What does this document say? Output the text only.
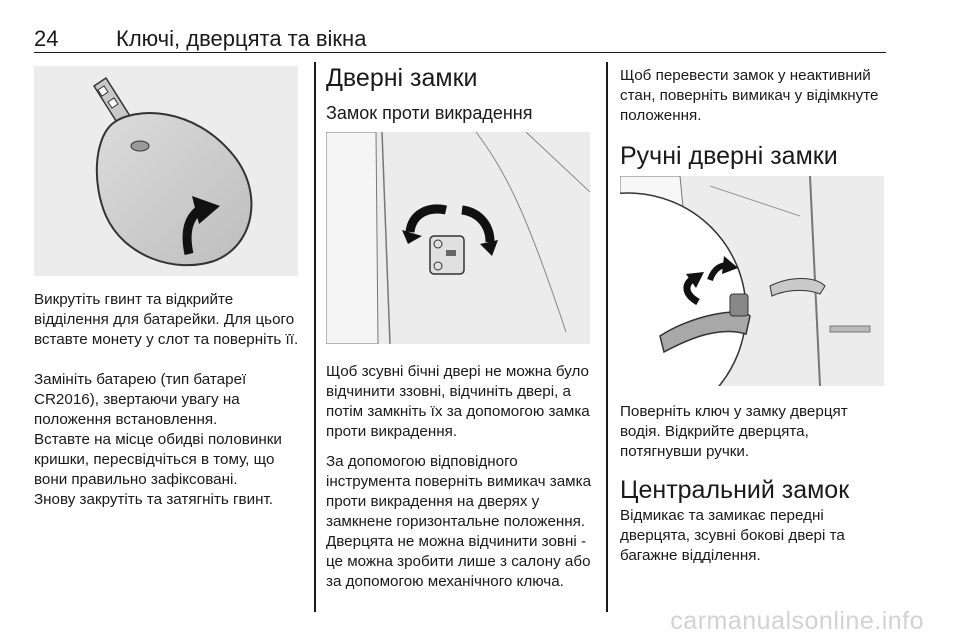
24	Ключі, дверцята та вікна

Викрутіть гвинт та відкрийте відділення для батарейки. Для цього вставте монету у слот та поверніть її.

Замініть батарею (тип батареї CR2016), звертаючи увагу на положення встановлення.

Вставте на місце обидві половинки кришки, пересвідчіться в тому, що вони правильно зафіксовані.

Знову закрутіть та затягніть гвинт.

Дверні замки
Замок проти викрадення

Щоб зсувні бічні двері не можна було відчинити ззовні, відчиніть двері, а потім замкніть їх за допомогою замка проти викрадення.

За допомогою відповідного інструмента поверніть вимикач замка проти викрадення на дверях у замкнене горизонтальне положення. Дверцята не можна відчинити зовні - це можна зробити лише з салону або за допомогою механічного ключа.

Щоб перевести замок у неактивний стан, поверніть вимикач у відімкнуте положення.

Ручні дверні замки

Поверніть ключ у замку дверцят водія. Відкрийте дверцята, потягнувши ручки.

Центральний замок

Відмикає та замикає передні дверцята, зсувні бокові двері та багажне відділення.

carmanualsonline.info
